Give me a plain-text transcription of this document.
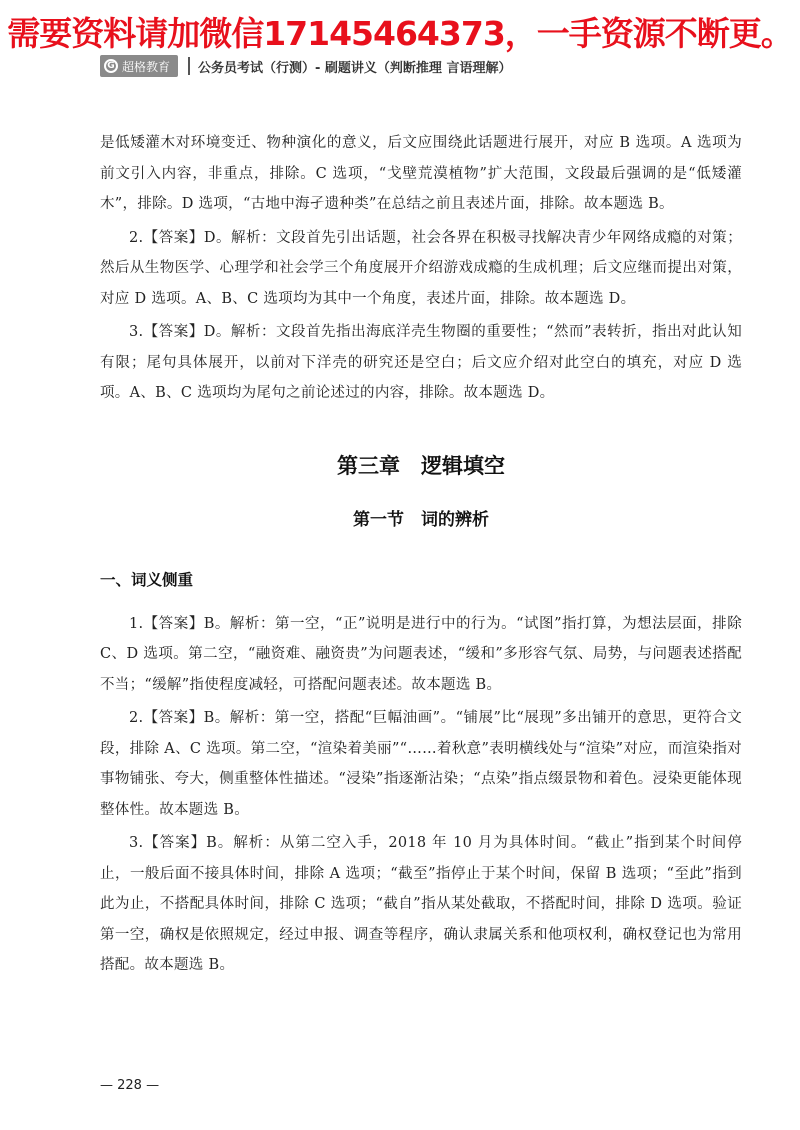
需要资料请加微信17145464373，一手资源不断更。
G 超格教育 公务员考试（行测）- 刷题讲义（判断推理 言语理解）

是低矮灌木对环境变迁、物种演化的意义，后文应围绕此话题进行展开，对应 B 选项。A 选项为前文引入内容，非重点，排除。C 选项，“戈壁荒漠植物”扩大范围，文段最后强调的是“低矮灌木”，排除。D 选项，“古地中海孑遗种类”在总结之前且表述片面，排除。故本题选 B。

2.【答案】D。解析：文段首先引出话题，社会各界在积极寻找解决青少年网络成瘾的对策；然后从生物医学、心理学和社会学三个角度展开介绍游戏成瘾的生成机理；后文应继而提出对策，对应 D 选项。A、B、C 选项均为其中一个角度，表述片面，排除。故本题选 D。

3.【答案】D。解析：文段首先指出海底洋壳生物圈的重要性；“然而”表转折，指出对此认知有限；尾句具体展开，以前对下洋壳的研究还是空白；后文应介绍对此空白的填充，对应 D 选项。A、B、C 选项均为尾句之前论述过的内容，排除。故本题选 D。

第三章　逻辑填空
第一节　词的辨析
一、词义侧重

1.【答案】B。解析：第一空，“正”说明是进行中的行为。“试图”指打算，为想法层面，排除 C、D 选项。第二空，“融资难、融资贵”为问题表述，“缓和”多形容气氛、局势，与问题表述搭配不当；“缓解”指使程度减轻，可搭配问题表述。故本题选 B。

2.【答案】B。解析：第一空，搭配“巨幅油画”。“铺展”比“展现”多出铺开的意思，更符合文段，排除 A、C 选项。第二空，“渲染着美丽”“……着秋意”表明横线处与“渲染”对应，而渲染指对事物铺张、夸大，侧重整体性描述。“浸染”指逐渐沾染；“点染”指点缀景物和着色。浸染更能体现整体性。故本题选 B。

3.【答案】B。解析：从第二空入手，2018 年 10 月为具体时间。“截止”指到某个时间停止，一般后面不接具体时间，排除 A 选项；“截至”指停止于某个时间，保留 B 选项；“至此”指到此为止，不搭配具体时间，排除 C 选项；“截自”指从某处截取，不搭配时间，排除 D 选项。验证第一空，确权是依照规定，经过申报、调查等程序，确认隶属关系和他项权利，确权登记也为常用搭配。故本题选 B。

— 228 —
